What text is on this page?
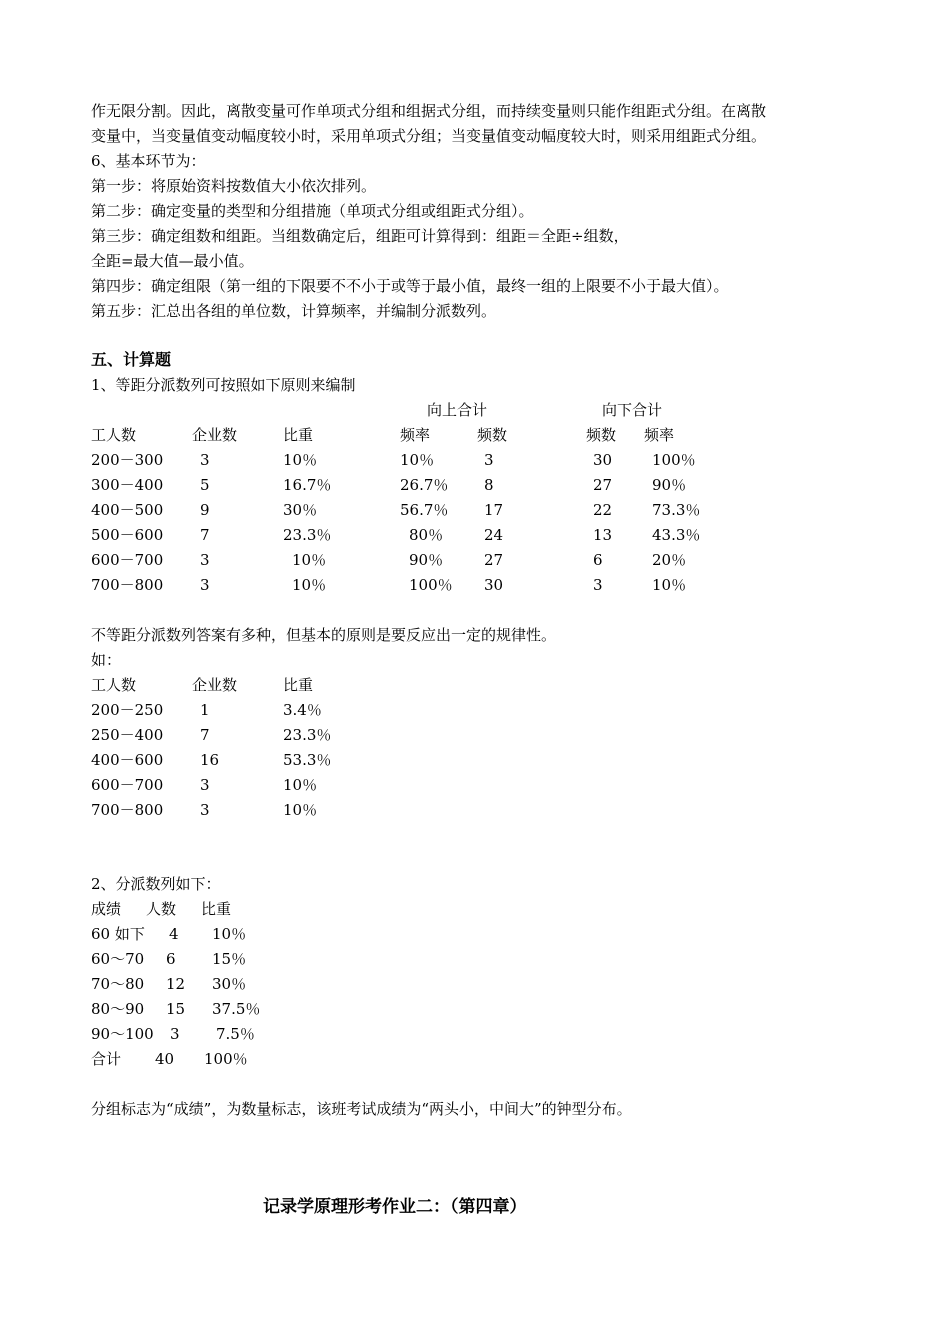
作无限分割。因此，离散变量可作单项式分组和组据式分组，而持续变量则只能作组距式分组。在离散
变量中，当变量值变动幅度较小时，采用单项式分组；当变量值变动幅度较大时，则采用组距式分组。
6、基本环节为：
第一步：将原始资料按数值大小依次排列。
第二步：确定变量的类型和分组措施（单项式分组或组距式分组）。
第三步：确定组数和组距。当组数确定后，组距可计算得到：组距＝全距÷组数，
全距=最大值—最小值。
第四步：确定组限（第一组的下限要不不小于或等于最小值，最终一组的上限要不小于最大值）。
第五步：汇总出各组的单位数，计算频率，并编制分派数列。
五、计算题
1、等距分派数列可按照如下原则来编制
向上合计	向下合计
工人数	企业数	比重	频率	频数	频数 频率
200－300 3	10％	10％	3	30	100％
300－400 5	16.7％	26.7％ 8	27	90％
400－500 9	30％	56.7％ 17	22	73.3％
500－600 7	23.3％	80％	24	13	43.3％
600－700 3	10％	90％	27	6	20％
700－800 3	10％	100％ 30	3	10％
不等距分派数列答案有多种，但基本的原则是要反应出一定的规律性。
如：
工人数	企业数	比重
200－250 1	3.4％
250－400 7	23.3％
400－600 16	53.3％
600－700 3	10％
700－800 3	10％
2、分派数列如下：
成绩 人数 比重
60 如下 4 10％
60～70 6 15％
70～80 12 30％
80～90 15 37.5％
90～100 3 7.5％
合计 40 100％
分组标志为“成绩”，为数量标志，该班考试成绩为“两头小，中间大”的钟型分布。
记录学原理形考作业二：（第四章）
